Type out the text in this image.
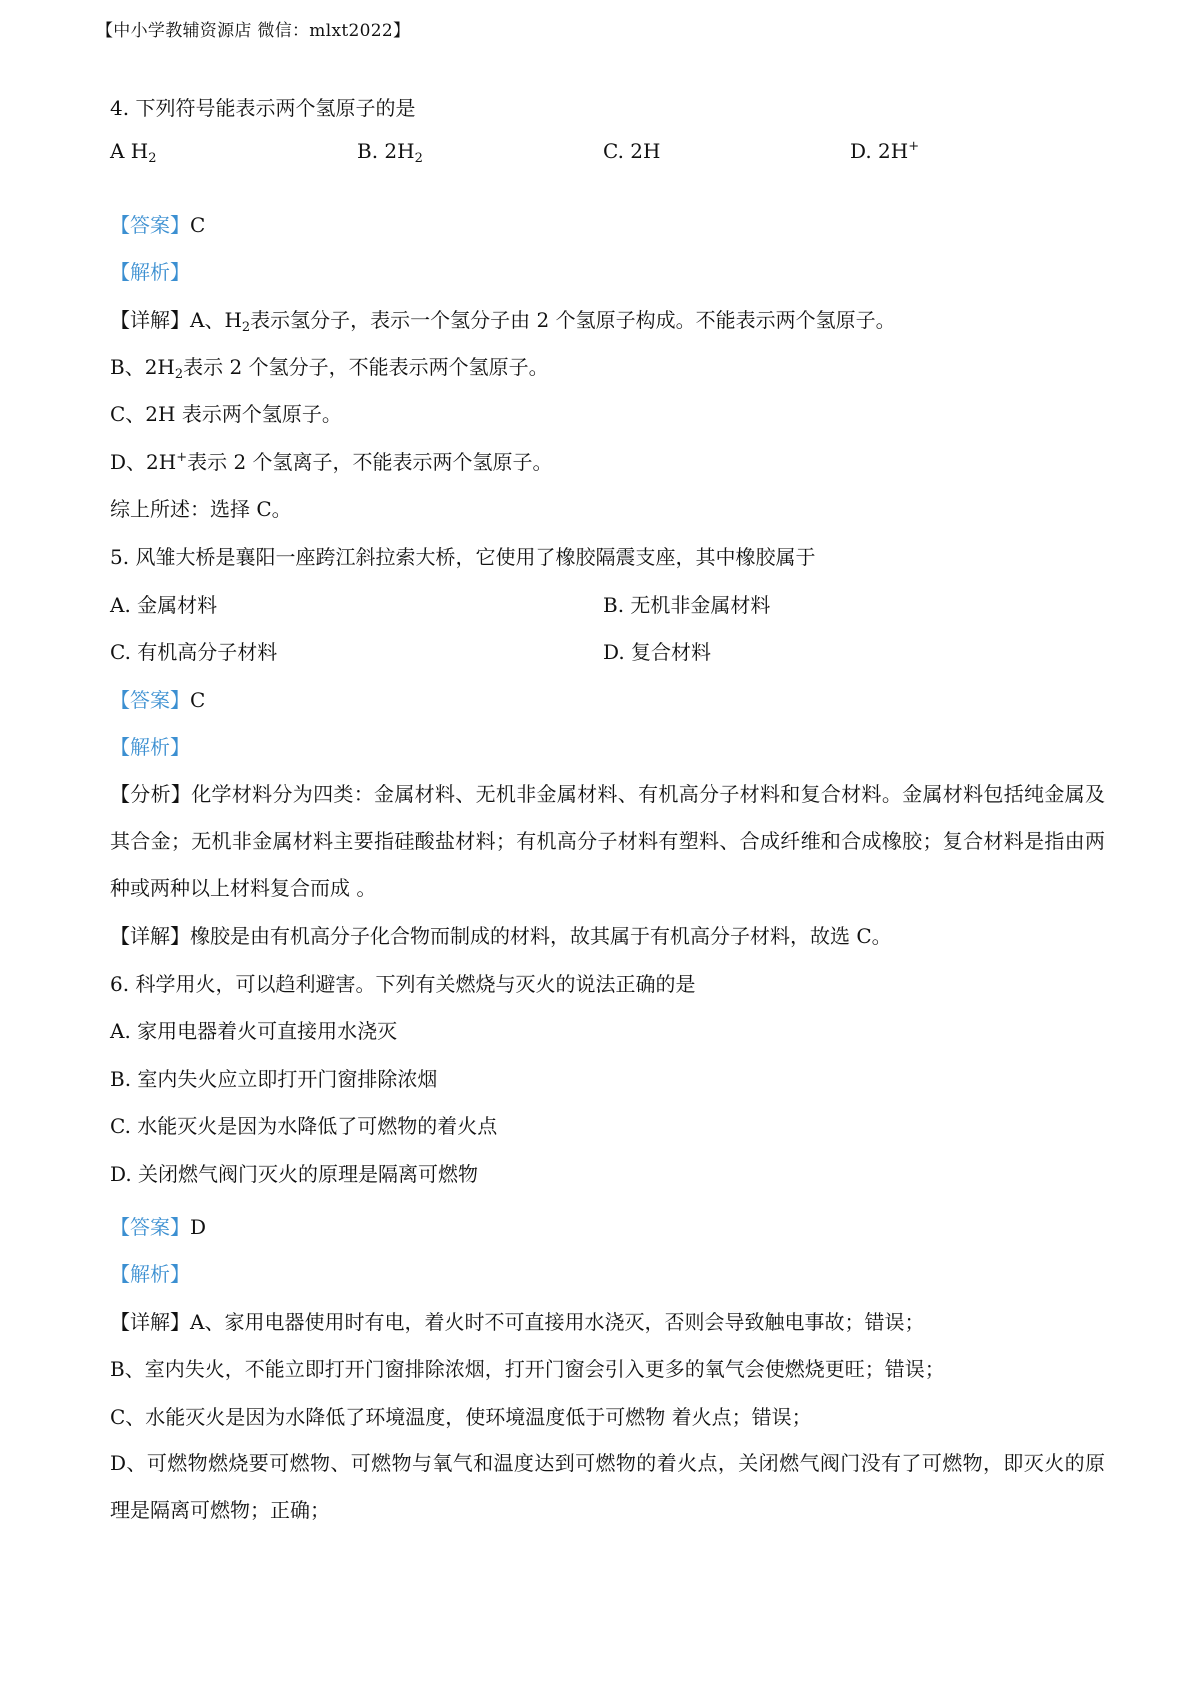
【中小学教辅资源店 微信：mlxt2022】
4. 下列符号能表示两个氢原子的是
A $H_2$	B. $2H_2$	C. 2H	D. 2H+
【答案】C
【解析】
【详解】A、$H_2$表示氢分子，表示一个氢分子由 2 个氢原子构成。不能表示两个氢原子。
B、$2H_2$表示 2 个氢分子，不能表示两个氢原子。
C、2H 表示两个氢原子。
D、2H+表示 2 个氢离子，不能表示两个氢原子。
综上所述：选择 C。
5. 风雏大桥是襄阳一座跨江斜拉索大桥，它使用了橡胶隔震支座，其中橡胶属于
A. 金属材料	B. 无机非金属材料
C. 有机高分子材料	D. 复合材料
【答案】C
【解析】
【分析】化学材料分为四类：金属材料、无机非金属材料、有机高分子材料和复合材料。金属材料包括纯金属及其合金；无机非金属材料主要指硅酸盐材料；有机高分子材料有塑料、合成纤维和合成橡胶；复合材料是指由两种或两种以上材料复合而成 。
【详解】橡胶是由有机高分子化合物而制成的材料，故其属于有机高分子材料，故选 C。
6. 科学用火，可以趋利避害。下列有关燃烧与灭火的说法正确的是
A. 家用电器着火可直接用水浇灭
B. 室内失火应立即打开门窗排除浓烟
C. 水能灭火是因为水降低了可燃物的着火点
D. 关闭燃气阀门灭火的原理是隔离可燃物
【答案】D
【解析】
【详解】A、家用电器使用时有电，着火时不可直接用水浇灭，否则会导致触电事故；错误；
B、室内失火，不能立即打开门窗排除浓烟，打开门窗会引入更多的氧气会使燃烧更旺；错误；
C、水能灭火是因为水降低了环境温度，使环境温度低于可燃物 着火点；错误；
D、可燃物燃烧要可燃物、可燃物与氧气和温度达到可燃物的着火点，关闭燃气阀门没有了可燃物，即灭火的原理是隔离可燃物；正确；
